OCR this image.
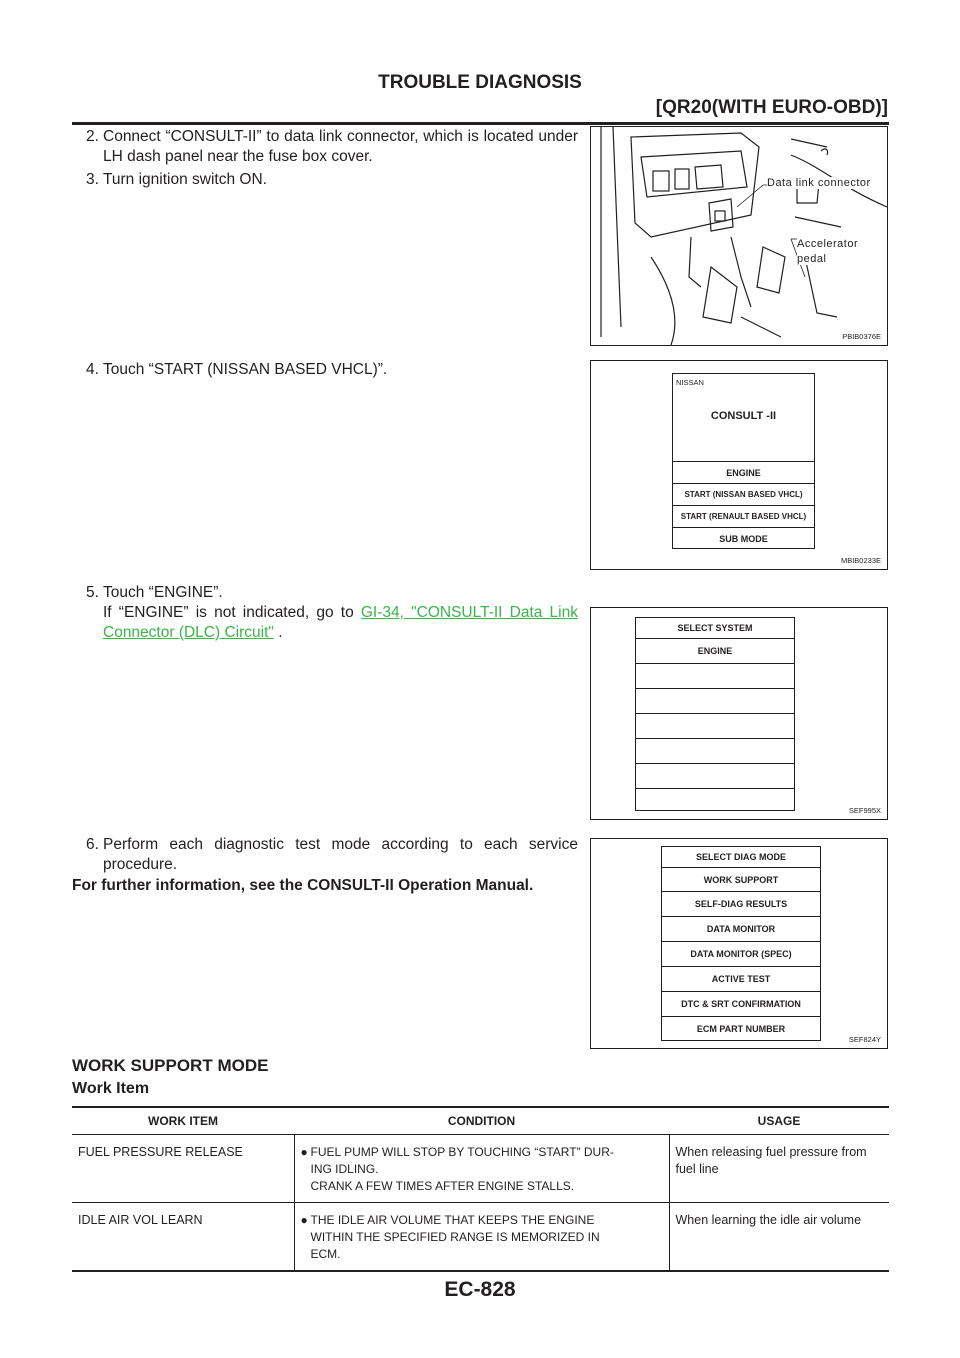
TROUBLE DIAGNOSIS
[QR20(WITH EURO-OBD)]
2. Connect “CONSULT-II” to data link connector, which is located under LH dash panel near the fuse box cover.
3. Turn ignition switch ON.
4. Touch “START (NISSAN BASED VHCL)”.
5. Touch “ENGINE”.
If “ENGINE” is not indicated, go to GI-34, "CONSULT-II Data Link Connector (DLC) Circuit" .
6. Perform each diagnostic test mode according to each service procedure.
For further information, see the CONSULT-II Operation Manual.
Data link connector
Accelerator
pedal
PBIB0376E
NISSAN
CONSULT -II
ENGINE
START (NISSAN BASED VHCL)
START (RENAULT BASED VHCL)
SUB MODE
MBIB0233E
SELECT SYSTEM
ENGINE
SEF995X
SELECT DIAG MODE
WORK SUPPORT
SELF-DIAG RESULTS
DATA MONITOR
DATA MONITOR (SPEC)
ACTIVE TEST
DTC & SRT CONFIRMATION
ECM PART NUMBER
SEF824Y
WORK SUPPORT MODE
Work Item
WORK ITEM	CONDITION	USAGE
FUEL PRESSURE RELEASE	● FUEL PUMP WILL STOP BY TOUCHING “START” DUR-
ING IDLING.
CRANK A FEW TIMES AFTER ENGINE STALLS.	When releasing fuel pressure from fuel line
IDLE AIR VOL LEARN	● THE IDLE AIR VOLUME THAT KEEPS THE ENGINE
WITHIN THE SPECIFIED RANGE IS MEMORIZED IN
ECM.	When learning the idle air volume
EC-828
